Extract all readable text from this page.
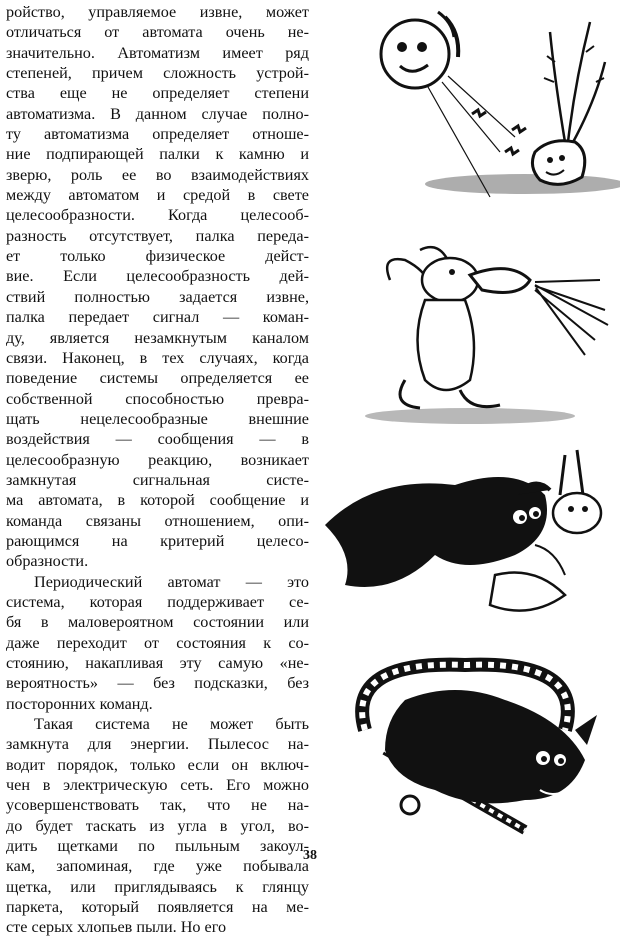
ройство, управляемое извне, может
отличаться от автомата очень не-
значительно. Автоматизм имеет ряд
степеней, причем сложность устрой-
ства еще не определяет степени
автоматизма. В данном случае полно-
ту автоматизма определяет отноше-
ние подпирающей палки к камню и
зверю, роль ее во взаимодействиях
между автоматом и средой в свете
целесообразности. Когда целесооб-
разность отсутствует, палка переда-
ет только физическое дейст-
вие. Если целесообразность дей-
ствий полностью задается извне,
палка передает сигнал — коман-
ду, является незамкнутым каналом
связи. Наконец, в тех случаях, когда
поведение системы определяется ее
собственной способностью превра-
щать нецелесообразные внешние
воздействия — сообщения — в
целесообразную реакцию, возникает
замкнутая сигнальная систе-
ма автомата, в которой сообщение и
команда связаны отношением, опи-
рающимся на критерий целесо-
образности.
Периодический автомат — это
система, которая поддерживает се-
бя в маловероятном состоянии или
даже переходит от состояния к со-
стоянию, накапливая эту самую «не-
вероятность» — без подсказки, без
посторонних команд.
Такая система не может быть
замкнута для энергии. Пылесос на-
водит порядок, только если он включ-
чен в электрическую сеть. Его можно
усовершенствовать так, что не на-
до будет таскать из угла в угол, во-
дить щетками по пыльным закоул-
кам, запоминая, где уже побывала
щетка, или приглядываясь к глянцу
паркета, который появляется на ме-
сте серых хлопьев пыли. Но его
38
